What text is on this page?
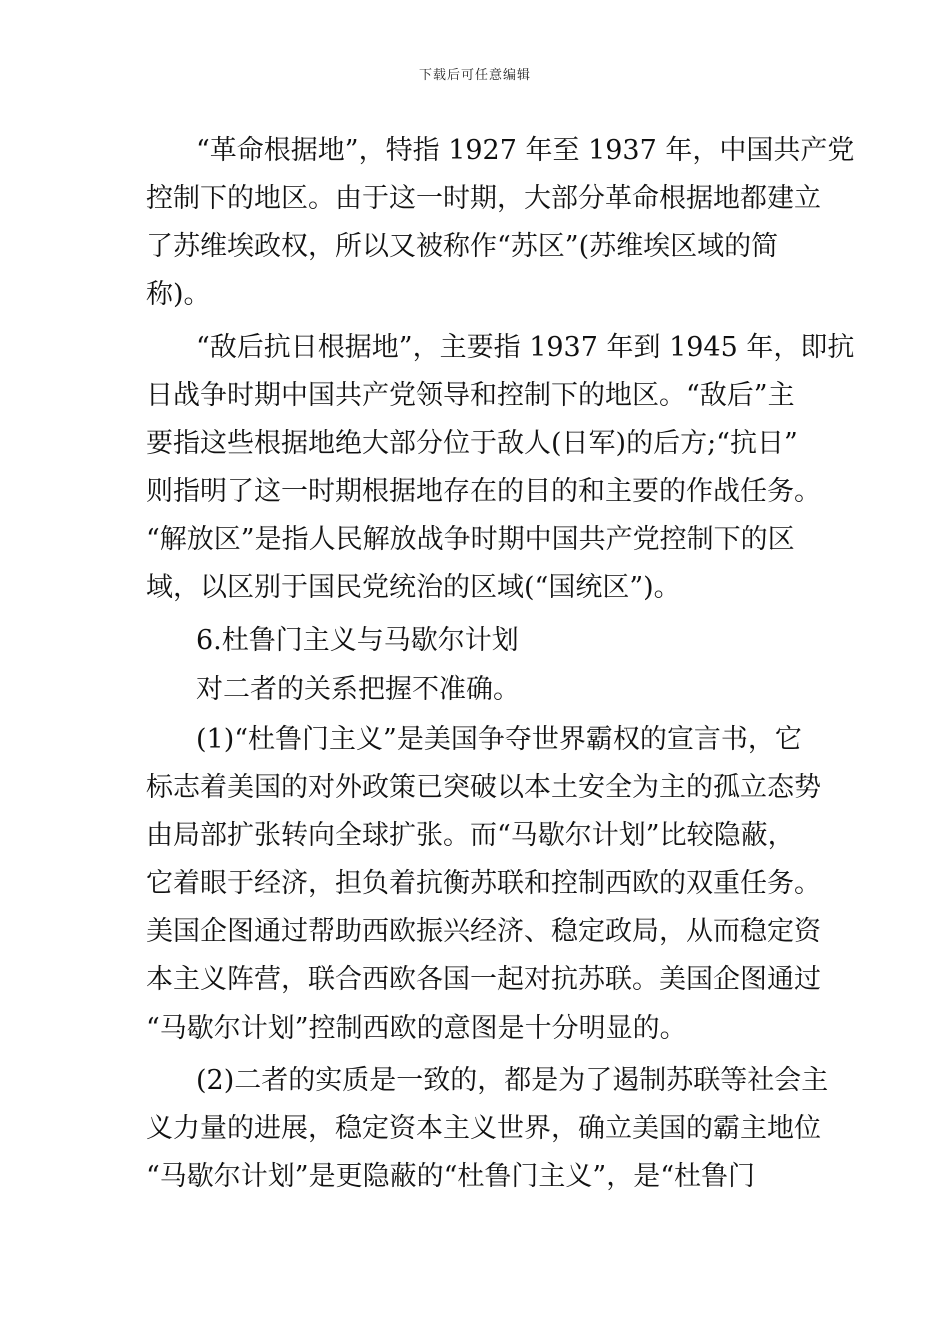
下载后可任意编辑
“革命根据地”，特指 1927 年至 1937 年，中国共产党
控制下的地区。由于这一时期，大部分革命根据地都建立
了苏维埃政权，所以又被称作“苏区”(苏维埃区域的简
称)。
“敌后抗日根据地”，主要指 1937 年到 1945 年，即抗
日战争时期中国共产党领导和控制下的地区。“敌后”主
要指这些根据地绝大部分位于敌人(日军)的后方;“抗日”
则指明了这一时期根据地存在的目的和主要的作战任务。
“解放区”是指人民解放战争时期中国共产党控制下的区
域，以区别于国民党统治的区域(“国统区”)。
6.杜鲁门主义与马歇尔计划
对二者的关系把握不准确。
(1)“杜鲁门主义”是美国争夺世界霸权的宣言书，它
标志着美国的对外政策已突破以本土安全为主的孤立态势
由局部扩张转向全球扩张。而“马歇尔计划”比较隐蔽，
它着眼于经济，担负着抗衡苏联和控制西欧的双重任务。
美国企图通过帮助西欧振兴经济、稳定政局，从而稳定资
本主义阵营，联合西欧各国一起对抗苏联。美国企图通过
“马歇尔计划”控制西欧的意图是十分明显的。
(2)二者的实质是一致的，都是为了遏制苏联等社会主
义力量的进展，稳定资本主义世界，确立美国的霸主地位
“马歇尔计划”是更隐蔽的“杜鲁门主义”，是“杜鲁门
